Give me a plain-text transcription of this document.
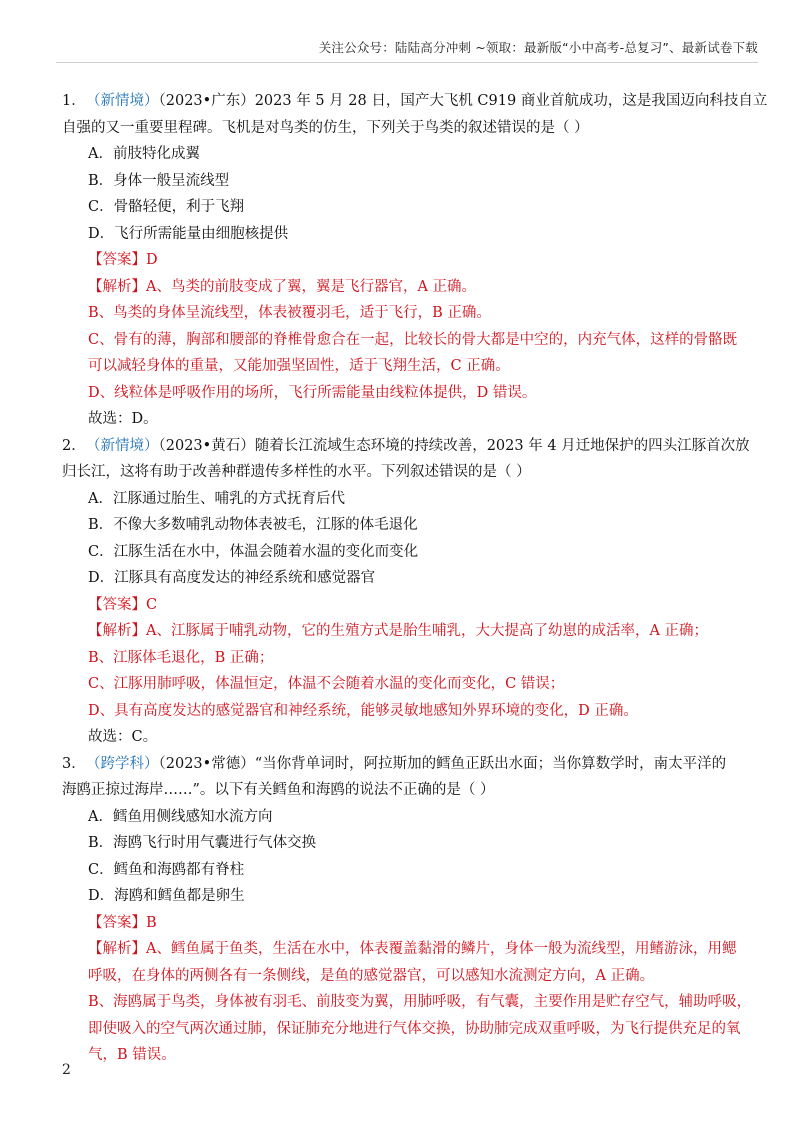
关注公众号：陆陆高分冲刺 ~领取：最新版“小中高考-总复习”、最新试卷下载
1．（新情境）（2023•广东）2023 年 5 月 28 日，国产大飞机 C919 商业首航成功，这是我国迈向科技自立
自强的又一重要里程碑。飞机是对鸟类的仿生，下列关于鸟类的叙述错误的是（ ）
A．前肢特化成翼
B．身体一般呈流线型
C．骨骼轻便，利于飞翔
D．飞行所需能量由细胞核提供
【答案】D
【解析】A、鸟类的前肢变成了翼，翼是飞行器官，A 正确。
B、鸟类的身体呈流线型，体表被覆羽毛，适于飞行，B 正确。
C、骨有的薄，胸部和腰部的脊椎骨愈合在一起，比较长的骨大都是中空的，内充气体，这样的骨骼既
可以减轻身体的重量，又能加强坚固性，适于飞翔生活，C 正确。
D、线粒体是呼吸作用的场所，飞行所需能量由线粒体提供，D 错误。
故选：D。
2．（新情境）（2023•黄石）随着长江流域生态环境的持续改善，2023 年 4 月迁地保护的四头江豚首次放
归长江，这将有助于改善种群遗传多样性的水平。下列叙述错误的是（ ）
A．江豚通过胎生、哺乳的方式抚育后代
B．不像大多数哺乳动物体表被毛，江豚的体毛退化
C．江豚生活在水中，体温会随着水温的变化而变化
D．江豚具有高度发达的神经系统和感觉器官
【答案】C
【解析】A、江豚属于哺乳动物，它的生殖方式是胎生哺乳，大大提高了幼崽的成活率，A 正确；
B、江豚体毛退化，B 正确；
C、江豚用肺呼吸，体温恒定，体温不会随着水温的变化而变化，C 错误；
D、具有高度发达的感觉器官和神经系统，能够灵敏地感知外界环境的变化，D 正确。
故选：C。
3．（跨学科）（2023•常德）“当你背单词时，阿拉斯加的鳕鱼正跃出水面；当你算数学时，南太平洋的
海鸥正掠过海岸……”。以下有关鳕鱼和海鸥的说法不正确的是（ ）
A．鳕鱼用侧线感知水流方向
B．海鸥飞行时用气囊进行气体交换
C．鳕鱼和海鸥都有脊柱
D．海鸥和鳕鱼都是卵生
【答案】B
【解析】A、鳕鱼属于鱼类，生活在水中，体表覆盖黏滑的鳞片，身体一般为流线型，用鳍游泳，用鳃
呼吸，在身体的两侧各有一条侧线，是鱼的感觉器官，可以感知水流测定方向，A 正确。
B、海鸥属于鸟类，身体被有羽毛、前肢变为翼，用肺呼吸，有气囊，主要作用是贮存空气，辅助呼吸，
即使吸入的空气两次通过肺，保证肺充分地进行气体交换，协助肺完成双重呼吸，为飞行提供充足的氧
气，B 错误。
2
